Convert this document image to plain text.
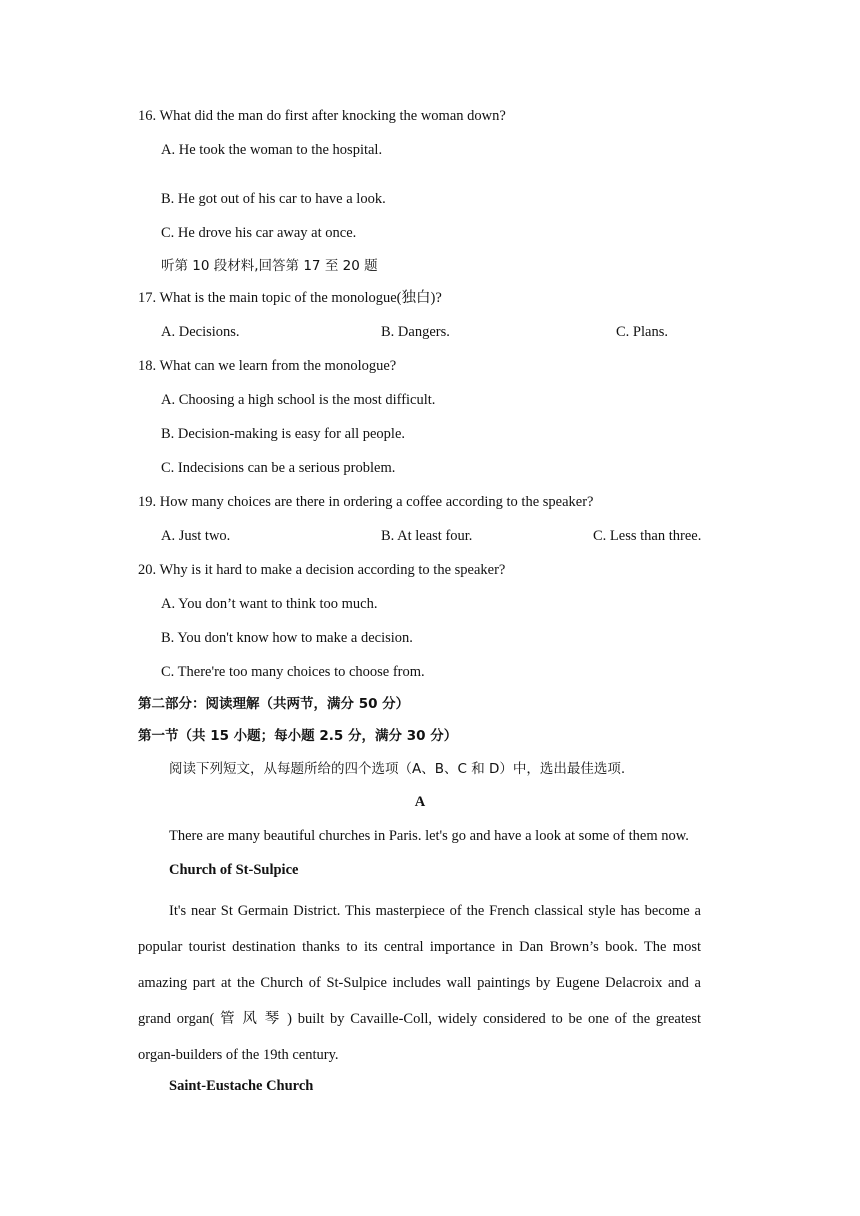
16. What did the man do first after knocking the woman down?
A. He took the woman to the hospital.
B. He got out of his car to have a look.
C. He drove his car away at once.
听第 10 段材料,回答第 17 至 20 题
17. What is the main topic of the monologue(独白)?
A. Decisions.	B. Dangers.	C. Plans.
18. What can we learn from the monologue?
A. Choosing a high school is the most difficult.
B. Decision-making is easy for all people.
C. Indecisions can be a serious problem.
19. How many choices are there in ordering a coffee according to the speaker?
A. Just two.	B. At least four.	C. Less than three.
20. Why is it hard to make a decision according to the speaker?
A. You don’t want to think too much.
B. You don't know how to make a decision.
C. There're too many choices to choose from.
第二部分：阅读理解（共两节，满分 50 分）
第一节（共 15 小题；每小题 2.5 分，满分 30 分）
阅读下列短文，从每题所给的四个选项（A、B、C 和 D）中，选出最佳选项.
A
There are many beautiful churches in Paris. let's go and have a look at some of them now.
Church of St-Sulpice
It's near St Germain District. This masterpiece of the French classical style has become a popular tourist destination thanks to its central importance in Dan Brown’s book. The most amazing part at the Church of St-Sulpice includes wall paintings by Eugene Delacroix and a grand organ( 管 风 琴 ) built by Cavaille-Coll, widely considered to be one of the greatest organ-builders of the 19th century.
Saint-Eustache Church
